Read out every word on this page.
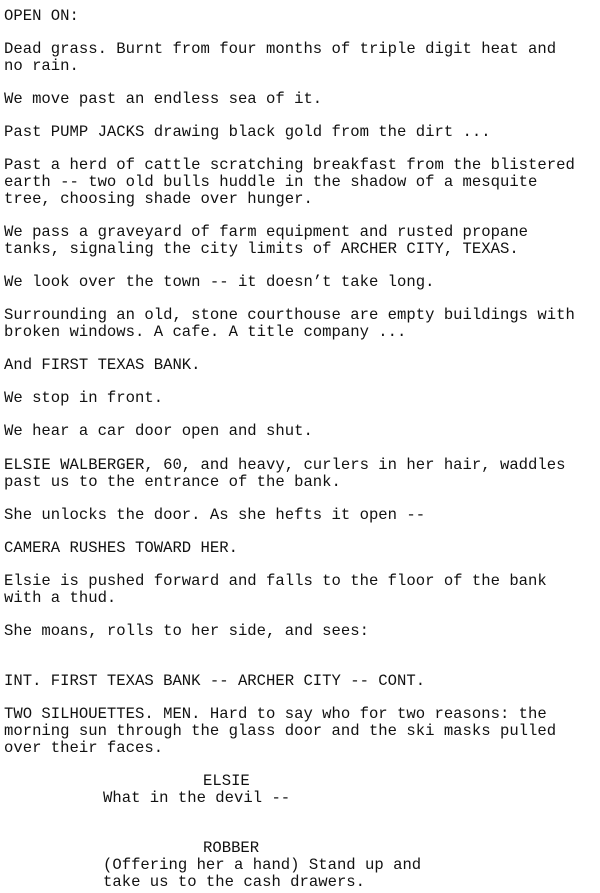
OPEN ON:
Dead grass. Burnt from four months of triple digit heat and
no rain.
We move past an endless sea of it.
Past PUMP JACKS drawing black gold from the dirt ...
Past a herd of cattle scratching breakfast from the blistered
earth -- two old bulls huddle in the shadow of a mesquite
tree, choosing shade over hunger.
We pass a graveyard of farm equipment and rusted propane
tanks, signaling the city limits of ARCHER CITY, TEXAS.
We look over the town -- it doesn’t take long.
Surrounding an old, stone courthouse are empty buildings with
broken windows. A cafe. A title company ...
And FIRST TEXAS BANK.
We stop in front.
We hear a car door open and shut.
ELSIE WALBERGER, 60, and heavy, curlers in her hair, waddles
past us to the entrance of the bank.
She unlocks the door. As she hefts it open --
CAMERA RUSHES TOWARD HER.
Elsie is pushed forward and falls to the floor of the bank
with a thud.
She moans, rolls to her side, and sees:
INT. FIRST TEXAS BANK -- ARCHER CITY -- CONT.
TWO SILHOUETTES. MEN. Hard to say who for two reasons: the
morning sun through the glass door and the ski masks pulled
over their faces.
ELSIE
What in the devil --
ROBBER
(Offering her a hand) Stand up and
take us to the cash drawers.
